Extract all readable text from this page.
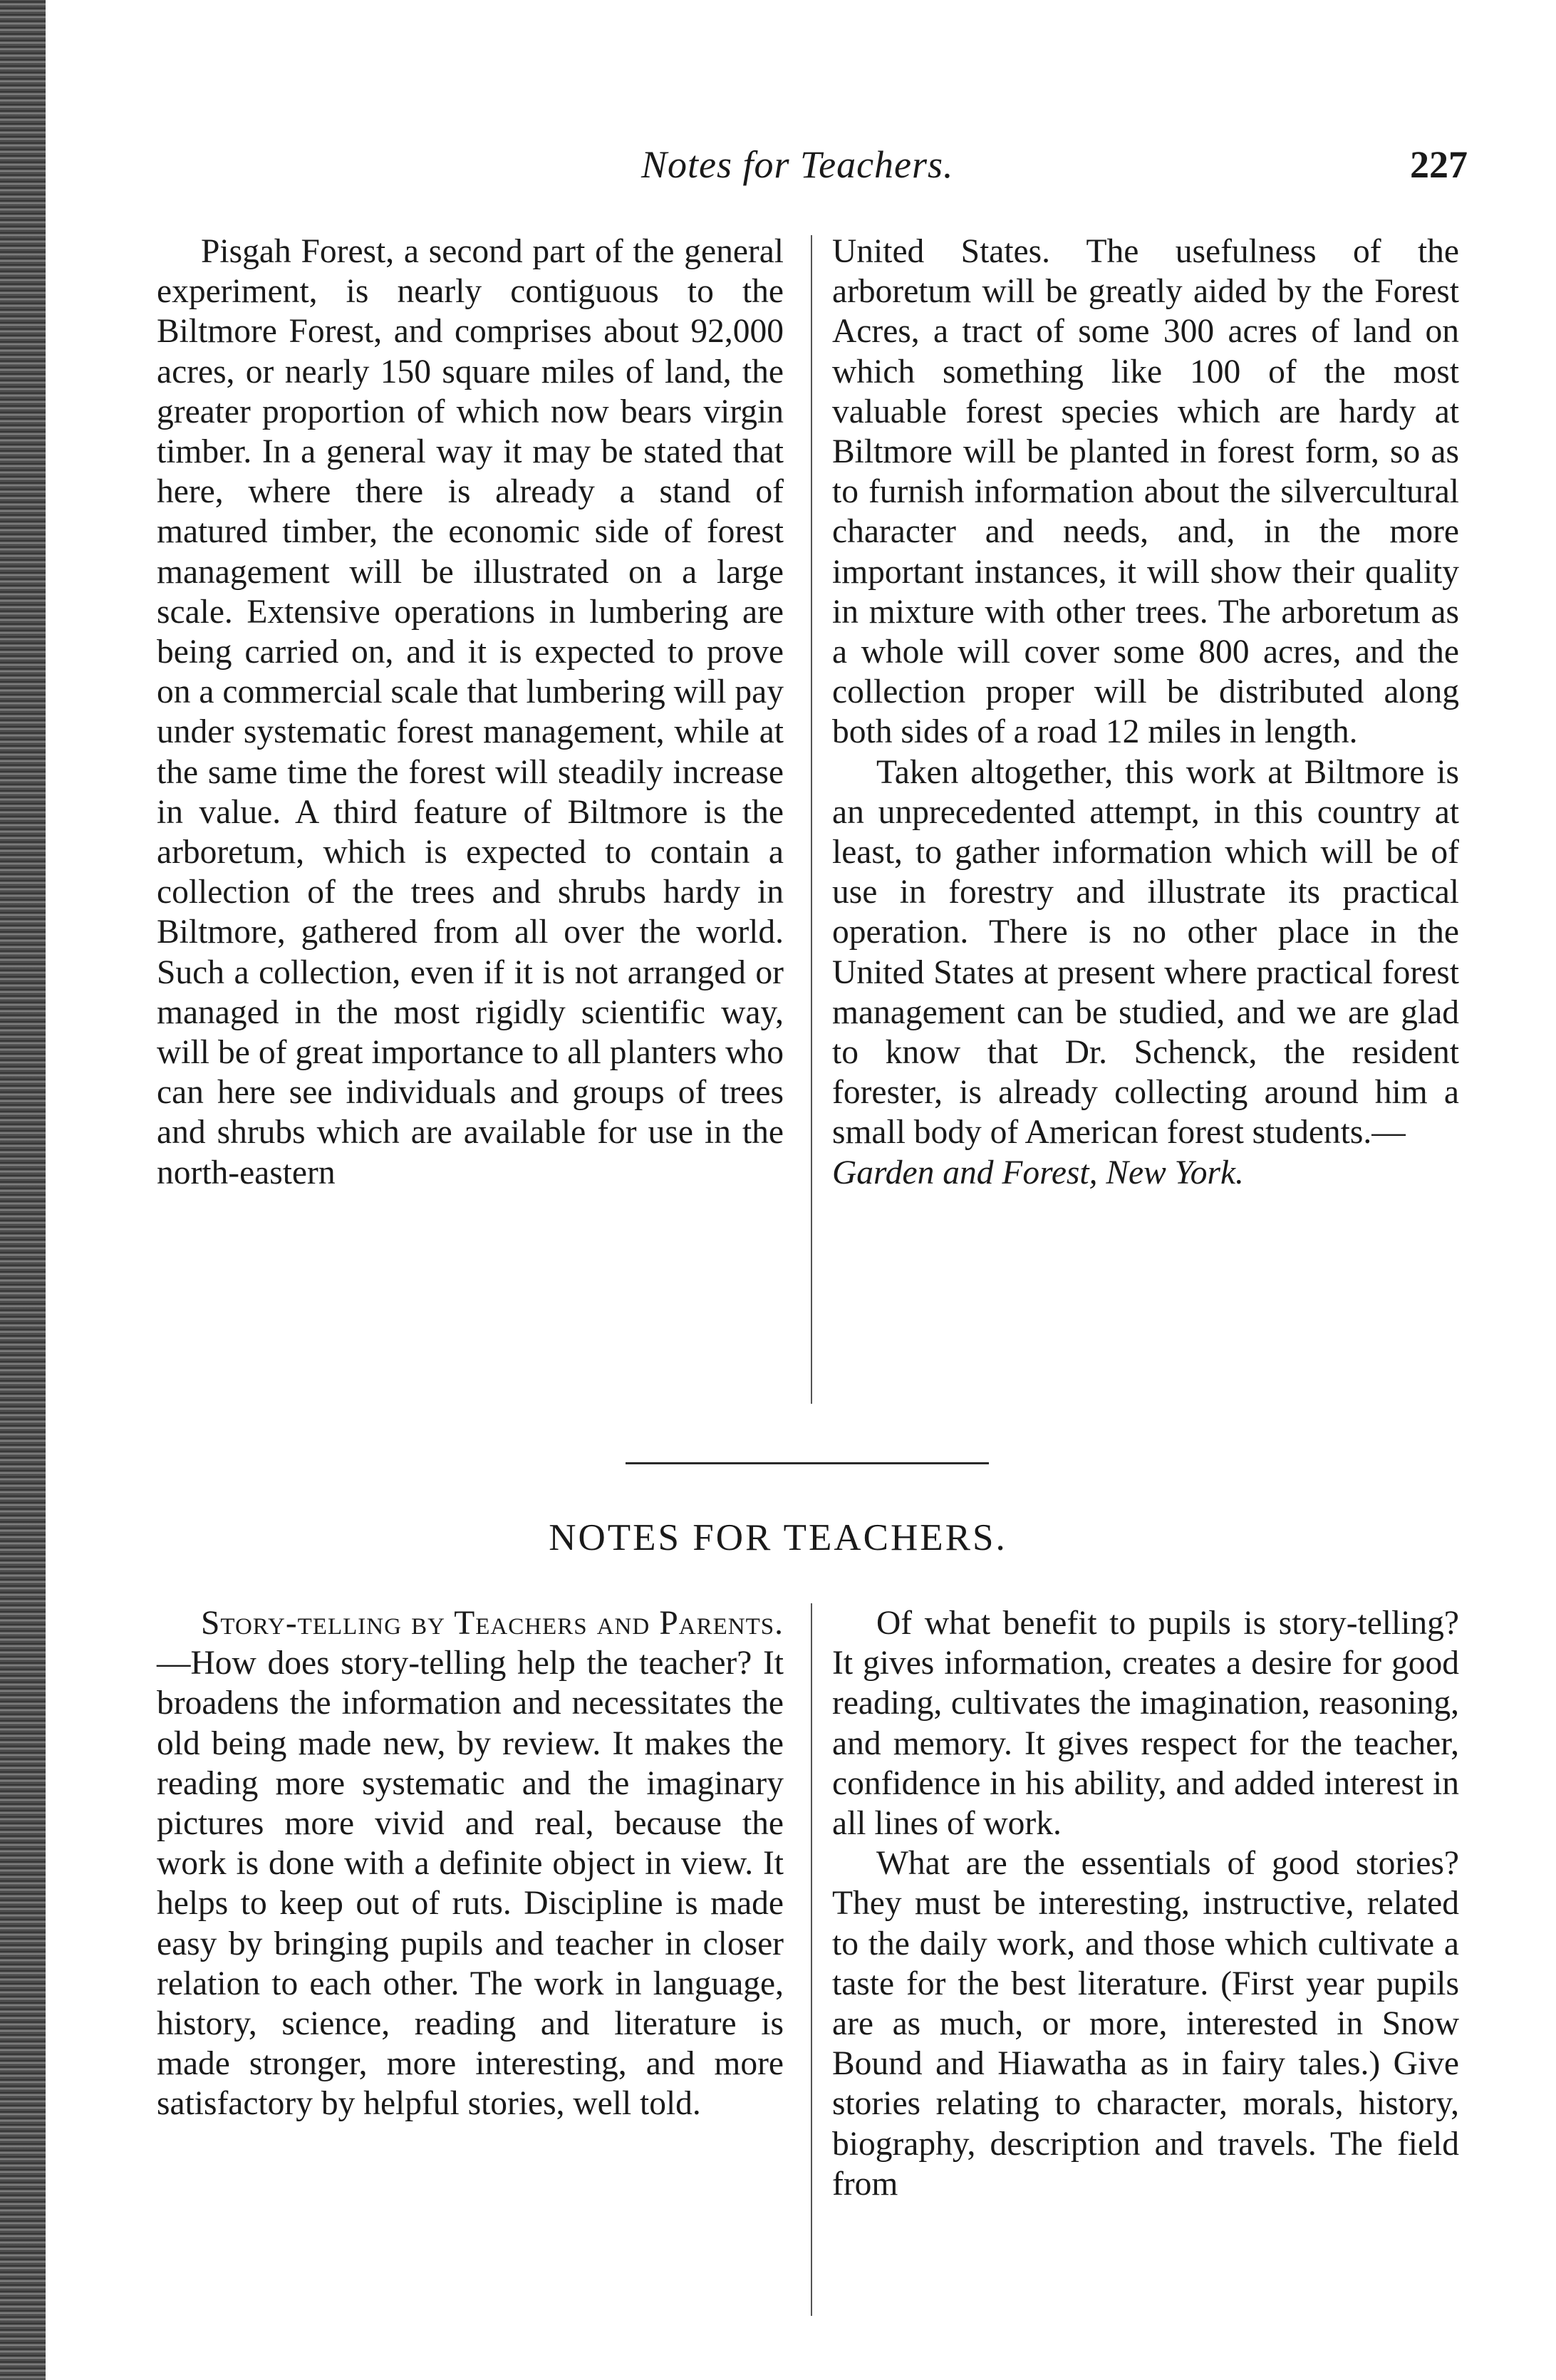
Notes for Teachers.	227

Pisgah Forest, a second part of the general experiment, is nearly contiguous to the Biltmore Forest, and comprises about 92,000 acres, or nearly 150 square miles of land, the greater proportion of which now bears virgin timber. In a general way it may be stated that here, where there is already a stand of matured timber, the economic side of forest management will be illustrated on a large scale. Extensive operations in lumbering are being carried on, and it is expected to prove on a commercial scale that lumbering will pay under systematic forest management, while at the same time the forest will steadily increase in value. A third feature of Biltmore is the arboretum, which is expected to contain a collection of the trees and shrubs hardy in Biltmore, gathered from all over the world. Such a collection, even if it is not arranged or managed in the most rigidly scientific way, will be of great importance to all planters who can here see individuals and groups of trees and shrubs which are available for use in the north-eastern

United States. The usefulness of the arboretum will be greatly aided by the Forest Acres, a tract of some 300 acres of land on which something like 100 of the most valuable forest species which are hardy at Biltmore will be planted in forest form, so as to furnish information about the silvercultural character and needs, and, in the more important instances, it will show their quality in mixture with other trees. The arboretum as a whole will cover some 800 acres, and the collection proper will be distributed along both sides of a road 12 miles in length.

Taken altogether, this work at Biltmore is an unprecedented attempt, in this country at least, to gather information which will be of use in forestry and illustrate its practical operation. There is no other place in the United States at present where practical forest management can be studied, and we are glad to know that Dr. Schenck, the resident forester, is already collecting around him a small body of American forest students.—
Garden and Forest, New York.

NOTES FOR TEACHERS.

Story-telling by Teachers and Parents.—How does story-telling help the teacher? It broadens the information and necessitates the old being made new, by review. It makes the reading more systematic and the imaginary pictures more vivid and real, because the work is done with a definite object in view. It helps to keep out of ruts. Discipline is made easy by bringing pupils and teacher in closer relation to each other. The work in language, history, science, reading and literature is made stronger, more interesting, and more satisfactory by helpful stories, well told.

Of what benefit to pupils is story-telling? It gives information, creates a desire for good reading, cultivates the imagination, reasoning, and memory. It gives respect for the teacher, confidence in his ability, and added interest in all lines of work.

What are the essentials of good stories? They must be interesting, instructive, related to the daily work, and those which cultivate a taste for the best literature. (First year pupils are as much, or more, interested in Snow Bound and Hiawatha as in fairy tales.) Give stories relating to character, morals, history, biography, description and travels. The field from
